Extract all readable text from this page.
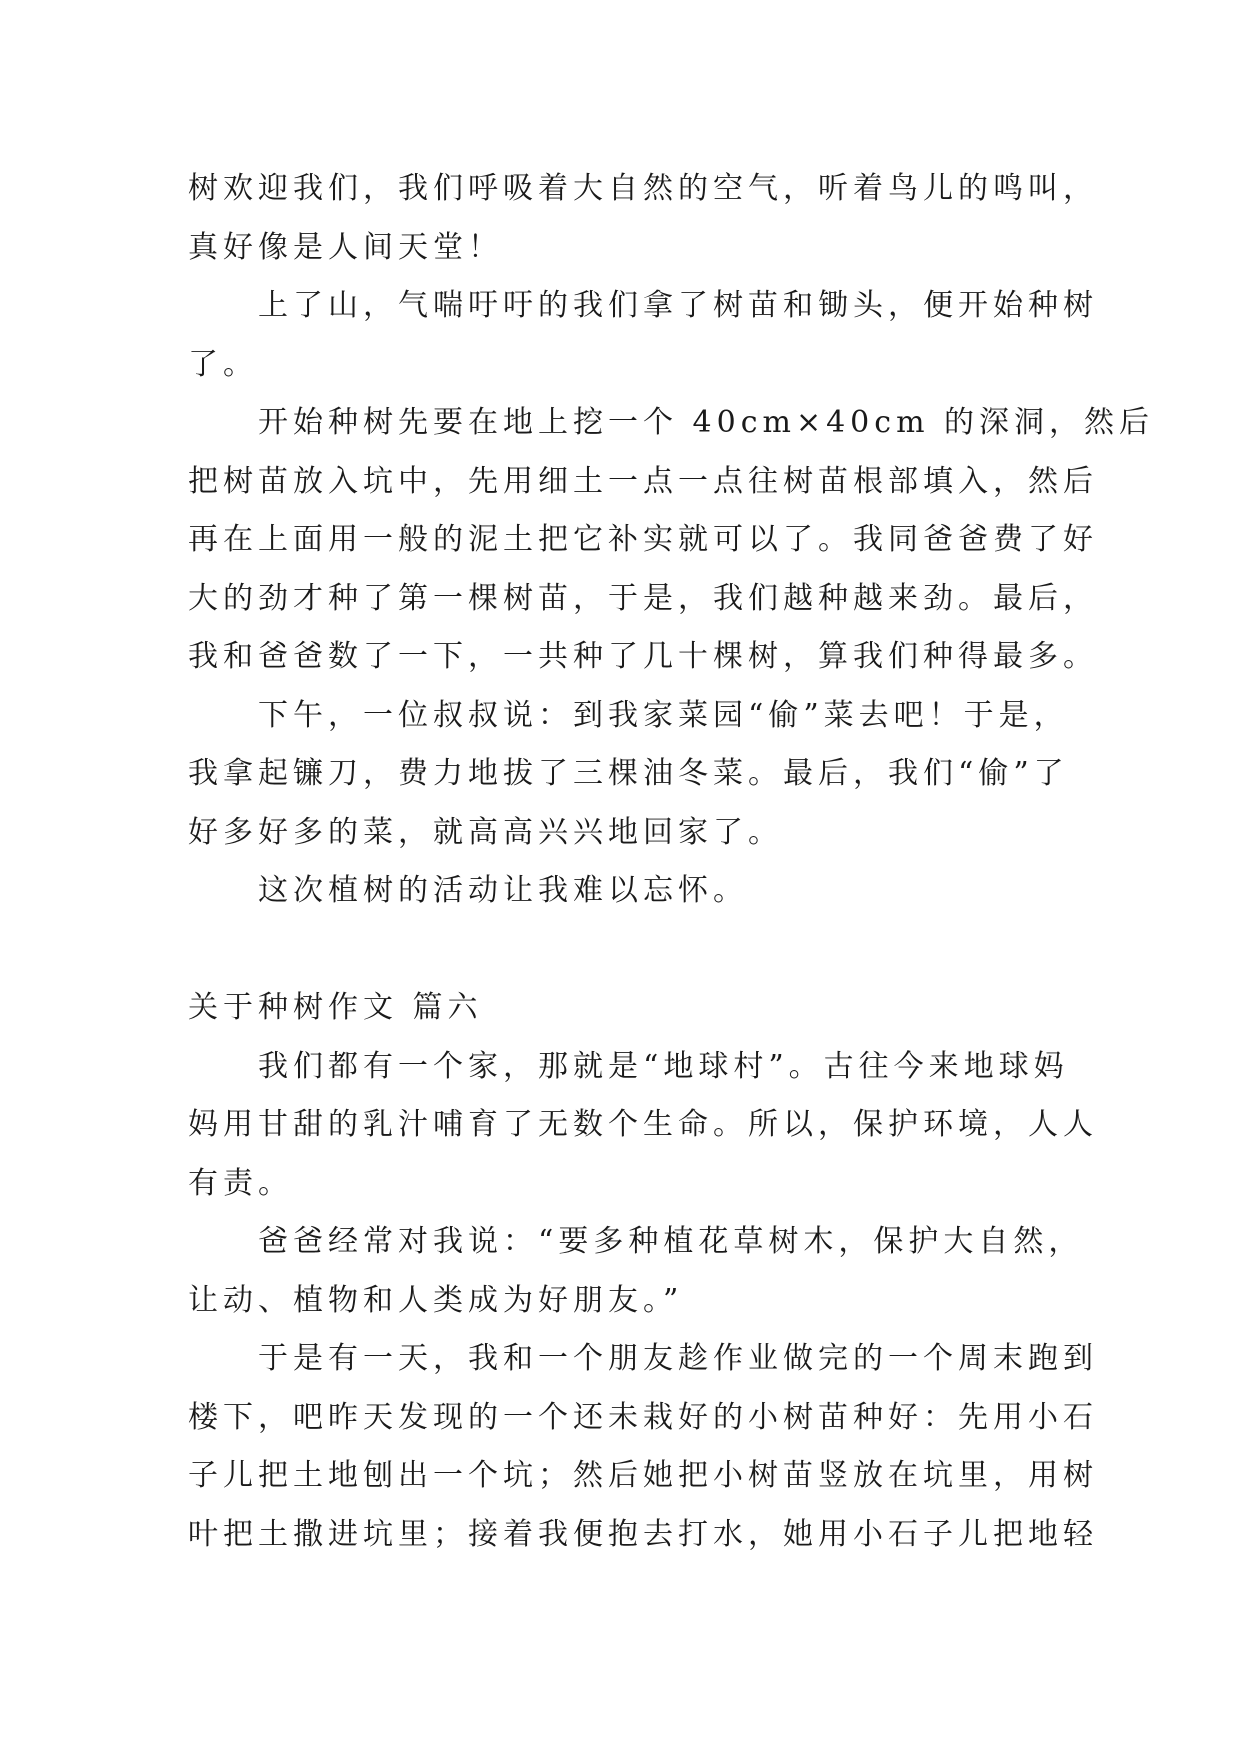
树欢迎我们，我们呼吸着大自然的空气，听着鸟儿的鸣叫，
真好像是人间天堂！
上了山，气喘吁吁的我们拿了树苗和锄头，便开始种树
了。
开始种树先要在地上挖一个 40cm×40cm 的深洞，然后
把树苗放入坑中，先用细土一点一点往树苗根部填入，然后
再在上面用一般的泥土把它补实就可以了。我同爸爸费了好
大的劲才种了第一棵树苗，于是，我们越种越来劲。最后，
我和爸爸数了一下，一共种了几十棵树，算我们种得最多。
下午，一位叔叔说：到我家菜园“偷”菜去吧！于是，
我拿起镰刀，费力地拔了三棵油冬菜。最后，我们“偷”了
好多好多的菜，就高高兴兴地回家了。
这次植树的活动让我难以忘怀。
关于种树作文 篇六
我们都有一个家，那就是“地球村”。古往今来地球妈
妈用甘甜的乳汁哺育了无数个生命。所以，保护环境，人人
有责。
爸爸经常对我说：“要多种植花草树木，保护大自然，
让动、植物和人类成为好朋友。”
于是有一天，我和一个朋友趁作业做完的一个周末跑到
楼下，吧昨天发现的一个还未栽好的小树苗种好：先用小石
子儿把土地刨出一个坑；然后她把小树苗竖放在坑里，用树
叶把土撒进坑里；接着我便抱去打水，她用小石子儿把地轻
